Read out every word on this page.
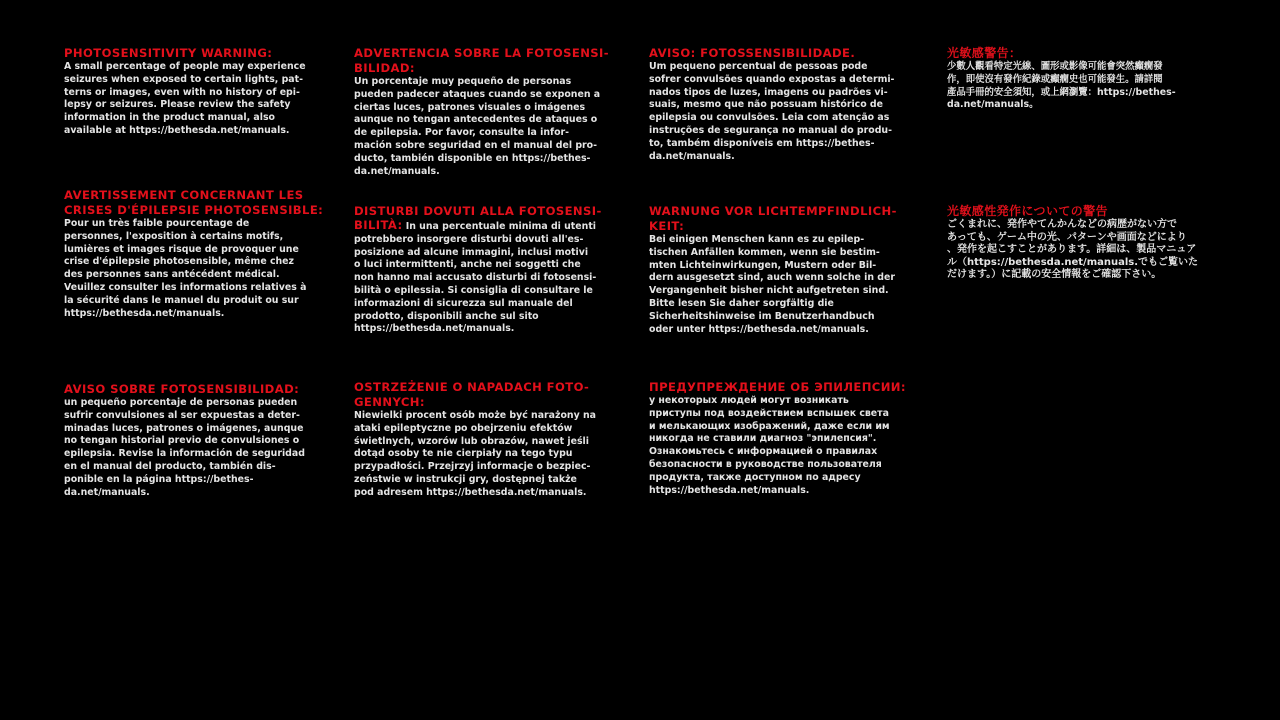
PHOTOSENSITIVITY WARNING:

A small percentage of people may experience
seizures when exposed to certain lights, pat-
terns or images, even with no history of epi-
lepsy or seizures. Please review the safety
information in the product manual, also
available at https://bethesda.net/manuals.

ADVERTENCIA SOBRE LA FOTOSENSI-
BILIDAD:

Un porcentaje muy pequeño de personas
pueden padecer ataques cuando se exponen a
ciertas luces, patrones visuales o imágenes
aunque no tengan antecedentes de ataques o
de epilepsia. Por favor, consulte la infor-
mación sobre seguridad en el manual del pro-
ducto, también disponible en https://bethes-
da.net/manuals.

AVISO: FOTOSSENSIBILIDADE.

Um pequeno percentual de pessoas pode
sofrer convulsões quando expostas a determi-
nados tipos de luzes, imagens ou padrões vi-
suais, mesmo que não possuam histórico de
epilepsia ou convulsões. Leia com atenção as
instruções de segurança no manual do produ-
to, também disponíveis em https://bethes-
da.net/manuals.

光敏感警告：

少數人觀看特定光線、圖形或影像可能會突然癲癇發
作，即使沒有發作紀錄或癲癇史也可能發生。請詳閱
產品手冊的安全須知，或上網瀏覽：https://bethes-
da.net/manuals。

AVERTISSEMENT CONCERNANT LES
CRISES D'ÉPILEPSIE PHOTOSENSIBLE:

Pour un très faible pourcentage de
personnes, l'exposition à certains motifs,
lumières et images risque de provoquer une
crise d'épilepsie photosensible, même chez
des personnes sans antécédent médical.
Veuillez consulter les informations relatives à
la sécurité dans le manuel du produit ou sur
https://bethesda.net/manuals.

DISTURBI DOVUTI ALLA FOTOSENSI-

BILITÀ: In una percentuale minima di utenti
potrebbero insorgere disturbi dovuti all'es-
posizione ad alcune immagini, inclusi motivi
o luci intermittenti, anche nei soggetti che
non hanno mai accusato disturbi di fotosensi-
bilità o epilessia. Si consiglia di consultare le
informazioni di sicurezza sul manuale del
prodotto, disponibili anche sul sito
https://bethesda.net/manuals.

WARNUNG VOR LICHTEMPFINDLICH-
KEIT:

Bei einigen Menschen kann es zu epilep-
tischen Anfällen kommen, wenn sie bestim-
mten Lichteinwirkungen, Mustern oder Bil-
dern ausgesetzt sind, auch wenn solche in der
Vergangenheit bisher nicht aufgetreten sind.
Bitte lesen Sie daher sorgfältig die
Sicherheitshinweise im Benutzerhandbuch
oder unter https://bethesda.net/manuals.

光敏感性発作についての警告

ごくまれに、発作やてんかんなどの病歴がない方で
あっても、ゲーム中の光、パターンや画面などにより
、発作を起こすことがあります。詳細は、製品マニュア
ル（https://bethesda.net/manuals.でもご覧いた
だけます。）に記載の安全情報をご確認下さい。

AVISO SOBRE FOTOSENSIBILIDAD:

un pequeño porcentaje de personas pueden
sufrir convulsiones al ser expuestas a deter-
minadas luces, patrones o imágenes, aunque
no tengan historial previo de convulsiones o
epilepsia. Revise la información de seguridad
en el manual del producto, también dis-
ponible en la página https://bethes-
da.net/manuals.

OSTRZEŻENIE O NAPADACH FOTO-
GENNYCH:

Niewielki procent osób może być narażony na
ataki epileptyczne po obejrzeniu efektów
świetlnych, wzorów lub obrazów, nawet jeśli
dotąd osoby te nie cierpiały na tego typu
przypadłości. Przejrzyj informacje o bezpiec-
zeństwie w instrukcji gry, dostępnej także
pod adresem https://bethesda.net/manuals.

ПРЕДУПРЕЖДЕНИЕ ОБ ЭПИЛЕПСИИ:

у некоторых людей могут возникать
приступы под воздействием вспышек света
и мелькающих изображений, даже если им
никогда не ставили диагноз "эпилепсия".
Ознакомьтесь с информацией о правилах
безопасности в руководстве пользователя
продукта, также доступном по адресу
https://bethesda.net/manuals.
